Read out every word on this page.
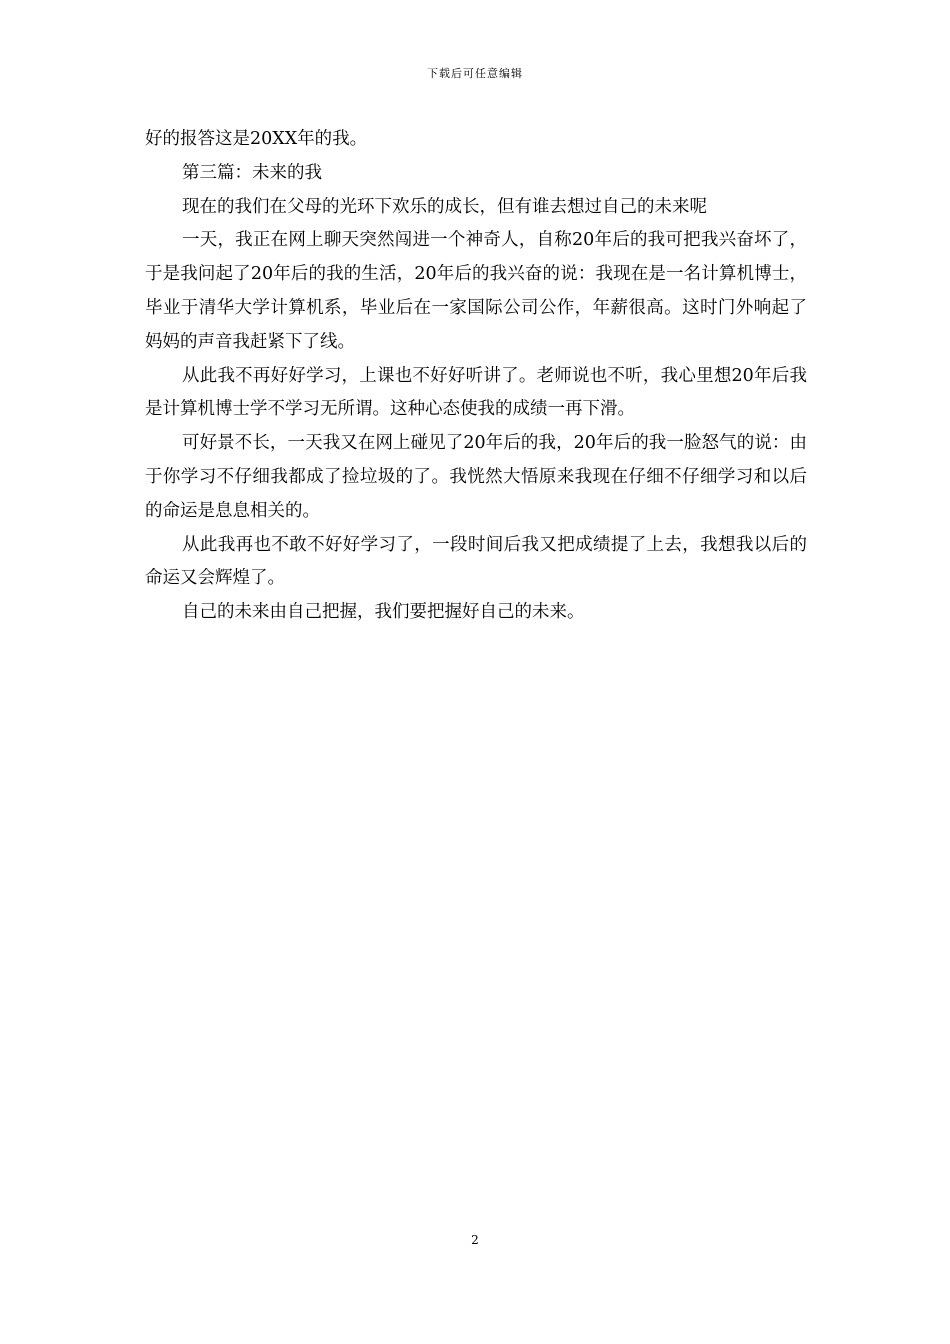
下载后可任意编辑

好的报答这是20XX年的我。

第三篇：未来的我

现在的我们在父母的光环下欢乐的成长，但有谁去想过自己的未来呢

一天，我正在网上聊天突然闯进一个神奇人，自称20年后的我可把我兴奋坏了，于是我问起了20年后的我的生活，20年后的我兴奋的说：我现在是一名计算机博士，毕业于清华大学计算机系，毕业后在一家国际公司公作，年薪很高。这时门外响起了妈妈的声音我赶紧下了线。

从此我不再好好学习，上课也不好好听讲了。老师说也不听，我心里想20年后我是计算机博士学不学习无所谓。这种心态使我的成绩一再下滑。

可好景不长，一天我又在网上碰见了20年后的我，20年后的我一脸怒气的说：由于你学习不仔细我都成了捡垃圾的了。我恍然大悟原来我现在仔细不仔细学习和以后的命运是息息相关的。

从此我再也不敢不好好学习了，一段时间后我又把成绩提了上去，我想我以后的命运又会辉煌了。

自己的未来由自己把握，我们要把握好自己的未来。

2
